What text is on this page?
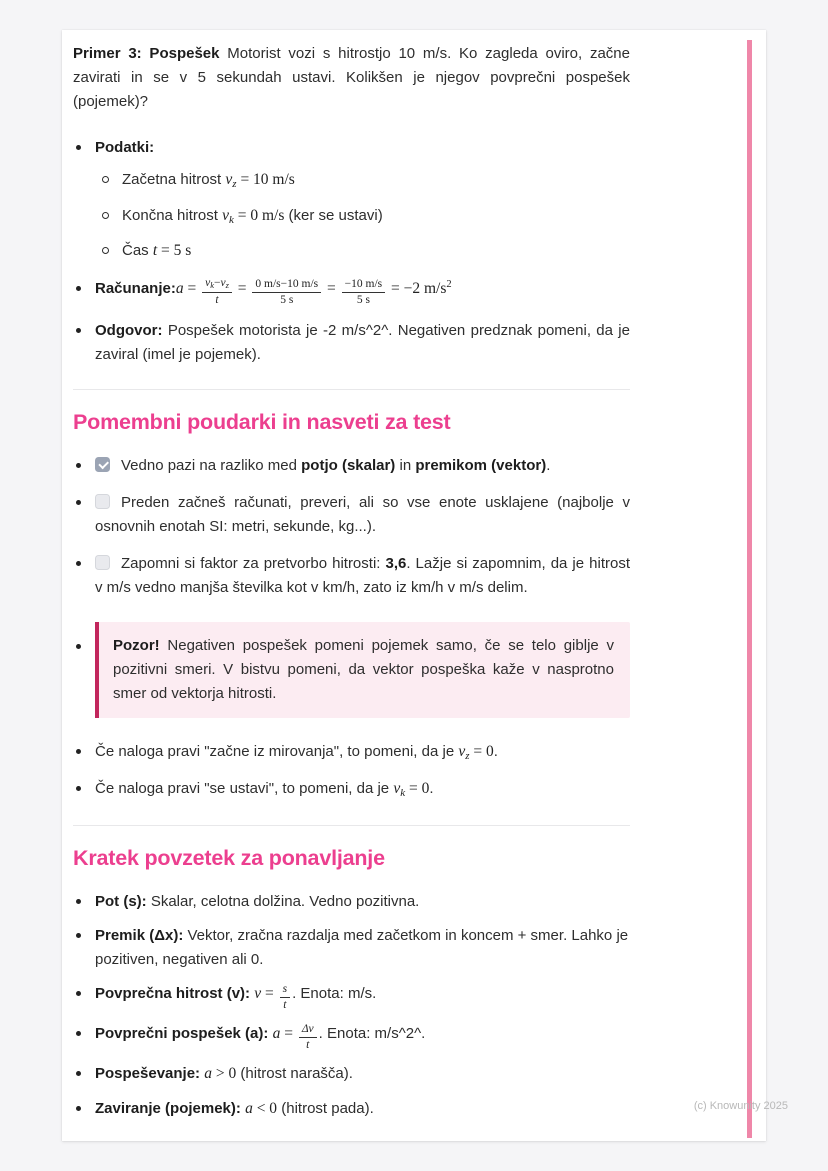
Primer 3: Pospešek Motorist vozi s hitrostjo 10 m/s. Ko zagleda oviro, začne zavirati in se v 5 sekundah ustavi. Kolikšen je njegov povprečni pospešek (pojemek)?

Podatki:
Začetna hitrost vz = 10 m/s
Končna hitrost vk = 0 m/s (ker se ustavi)
Čas t = 5 s
Računanje:a = $\frac{vk-vz}{t} = \frac{0 m/s-10 m/s}{5 s} = \frac{-10 m/s}{5 s} = -2$ $m/s^2$
Odgovor: Pospešek motorista je -2 m/s^2^. Negativen predznak pomeni, da je zaviral (imel je pojemek).
Pomembni poudarki in nasveti za test
Vedno pazi na razliko med potjo (skalar) in premikom (vektor).
Preden začneš računati, preveri, ali so vse enote usklajene (najbolje v osnovnih enotah SI: metri, sekunde, kg...).
Zapomni si faktor za pretvorbo hitrosti: 3,6. Lažje si zapomnim, da je hitrost v m/s vedno manjša številka kot v km/h, zato iz km/h v m/s delim.
Pozor! Negativen pospešek pomeni pojemek samo, če se telo giblje v pozitivni smeri. V bistvu pomeni, da vektor pospeška kaže v nasprotno smer od vektorja hitrosti.
Če naloga pravi "začne iz mirovanja", to pomeni, da je vz = 0.
Če naloga pravi "se ustavi", to pomeni, da je vk = 0.
Kratek povzetek za ponavljanje
Pot (s): Skalar, celotna dolžina. Vedno pozitivna.
Premik (Δx): Vektor, zračna razdalja med začetkom in koncem + smer. Lahko je pozitiven, negativen ali 0.
Povprečna hitrost (v): $v = \frac{s}{t}$ . Enota: m/s.
Povprečni pospešek (a): $a = \frac{\Delta v}{t}$ . Enota: m/s^2^.
Pospeševanje: a > 0 (hitrost narašča).
Zaviranje (pojemek): a < 0 (hitrost pada).	(c) Knowunity 2025
